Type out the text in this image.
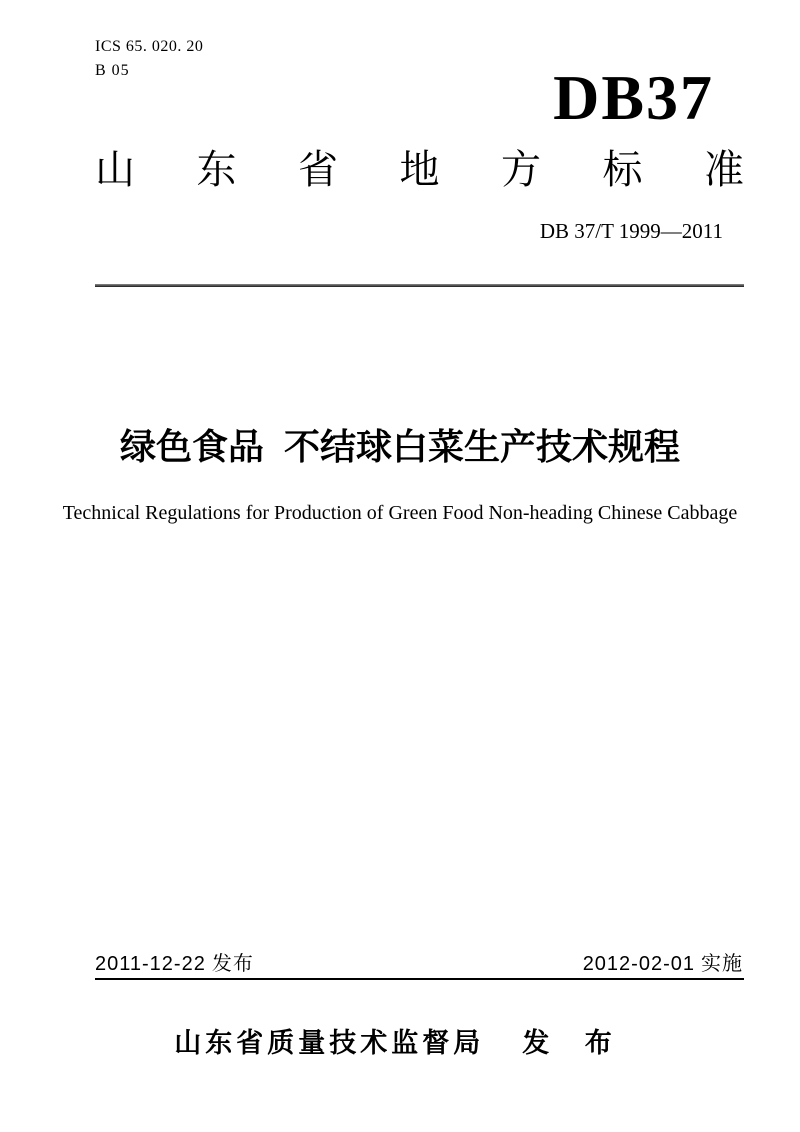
ICS 65. 020. 20
B 05	DB37
山 东 省 地 方 标 准
DB 37/T 1999—2011
绿色食品 不结球白菜生产技术规程
Technical Regulations for Production of Green Food Non-heading Chinese Cabbage
2011-12-22 发布	2012-02-01 实施
山东省质量技术监督局 发 布
